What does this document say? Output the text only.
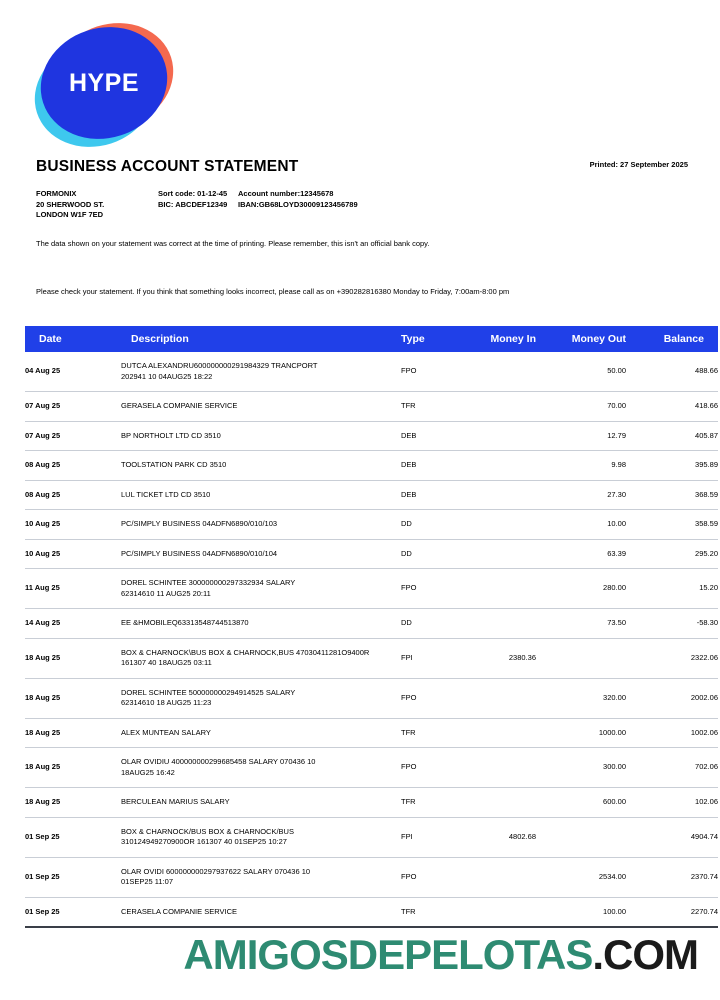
HYPE
BUSINESS ACCOUNT STATEMENT	Printed: 27 September 2025
FORMONIX
20 SHERWOOD ST.
LONDON W1F 7ED
Sort code: 01-12-45	Account number:12345678
BIC: ABCDEF12349	IBAN:GB68LOYD30009123456789
The data shown on your statement was correct at the time of printing. Please remember, this isn't an official bank copy.
Please check your statement. If you think that something looks incorrect, please call as on +390282816380 Monday to Friday, 7:00am-8:00 pm
Date	Description	Type	Money In	Money Out	Balance
04 Aug 25	DUTCA ALEXANDRU600000000291984329 TRANCPORT
202941 10 04AUG25 18:22	FPO		50.00	488.66
07 Aug 25	GERASELA COMPANIE SERVICE	TFR		70.00	418.66
07 Aug 25	BP NORTHOLT LTD CD 3510	DEB		12.79	405.87
08 Aug 25	TOOLSTATION PARK CD 3510	DEB		9.98	395.89
08 Aug 25	LUL TICKET LTD CD 3510	DEB		27.30	368.59
10 Aug 25	PC/SIMPLY BUSINESS 04ADFN6890/010/103	DD		10.00	358.59
10 Aug 25	PC/SIMPLY BUSINESS 04ADFN6890/010/104	DD		63.39	295.20
11 Aug 25	DOREL SCHINTEE 300000000297332934 SALARY
62314610 11 AUG25 20:11	FPO		280.00	15.20
14 Aug 25	EE &HMOBILEQ63313548744513870	DD		73.50	-58.30
18 Aug 25	BOX & CHARNOCK\BUS BOX & CHARNOCK,BUS 47030411281O9400R
161307 40 18AUG25 03:11	FPI	2380.36		2322.06
18 Aug 25	DOREL SCHINTEE 500000000294914525 SALARY
62314610 18 AUG25 11:23	FPO		320.00	2002.06
18 Aug 25	ALEX MUNTEAN SALARY	TFR		1000.00	1002.06
18 Aug 25	OLAR OVIDIU 400000000299685458 SALARY 070436 10
18AUG25 16:42	FPO		300.00	702.06
18 Aug 25	BERCULEAN MARIUS SALARY	TFR		600.00	102.06
01 Sep 25	BOX & CHARNOCK/BUS BOX & CHARNOCK/BUS
310124949270900OR 161307 40 01SEP25 10:27	FPI	4802.68		4904.74
01 Sep 25	OLAR OVIDI 600000000297937622 SALARY 070436 10
01SEP25 11:07	FPO		2534.00	2370.74
01 Sep 25	CERASELA COMPANIE SERVICE	TFR		100.00	2270.74
AMIGOSDEPELOTAS.COM
